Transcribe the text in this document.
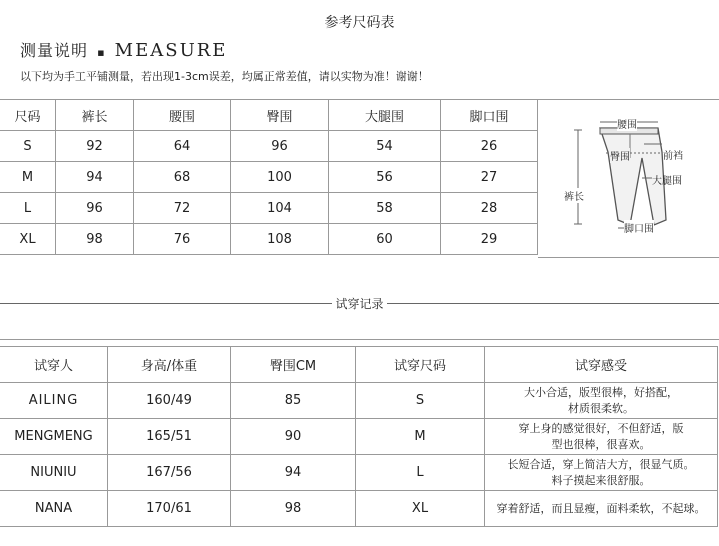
参考尺码表
测量说明 ▪ MEASURE
以下均为手工平铺测量，若出现1-3cm误差，均属正常差值，请以实物为准！谢谢！
尺码	裤长	腰围	臀围	大腿围	脚口围
S	92	64	96	54	26
M	94	68	100	56	27
L	96	72	104	58	28
XL	98	76	108	60	29
腰围
臀围	前裆
大腿围
裤长
脚口围
试穿记录
试穿人	身高/体重	臀围CM	试穿尺码	试穿感受
AILING	160/49	85	S	大小合适，版型很棒，好搭配，
材质很柔软。

MENGMENG	165/51	90	M	穿上身的感觉很好，不但舒适，版
型也很棒，很喜欢。

NIUNIU	167/56	94	L	长短合适，穿上简洁大方，很显气质。
料子摸起来很舒服。

NANA	170/61	98	XL	穿着舒适，而且显瘦，面料柔软，不起球。
